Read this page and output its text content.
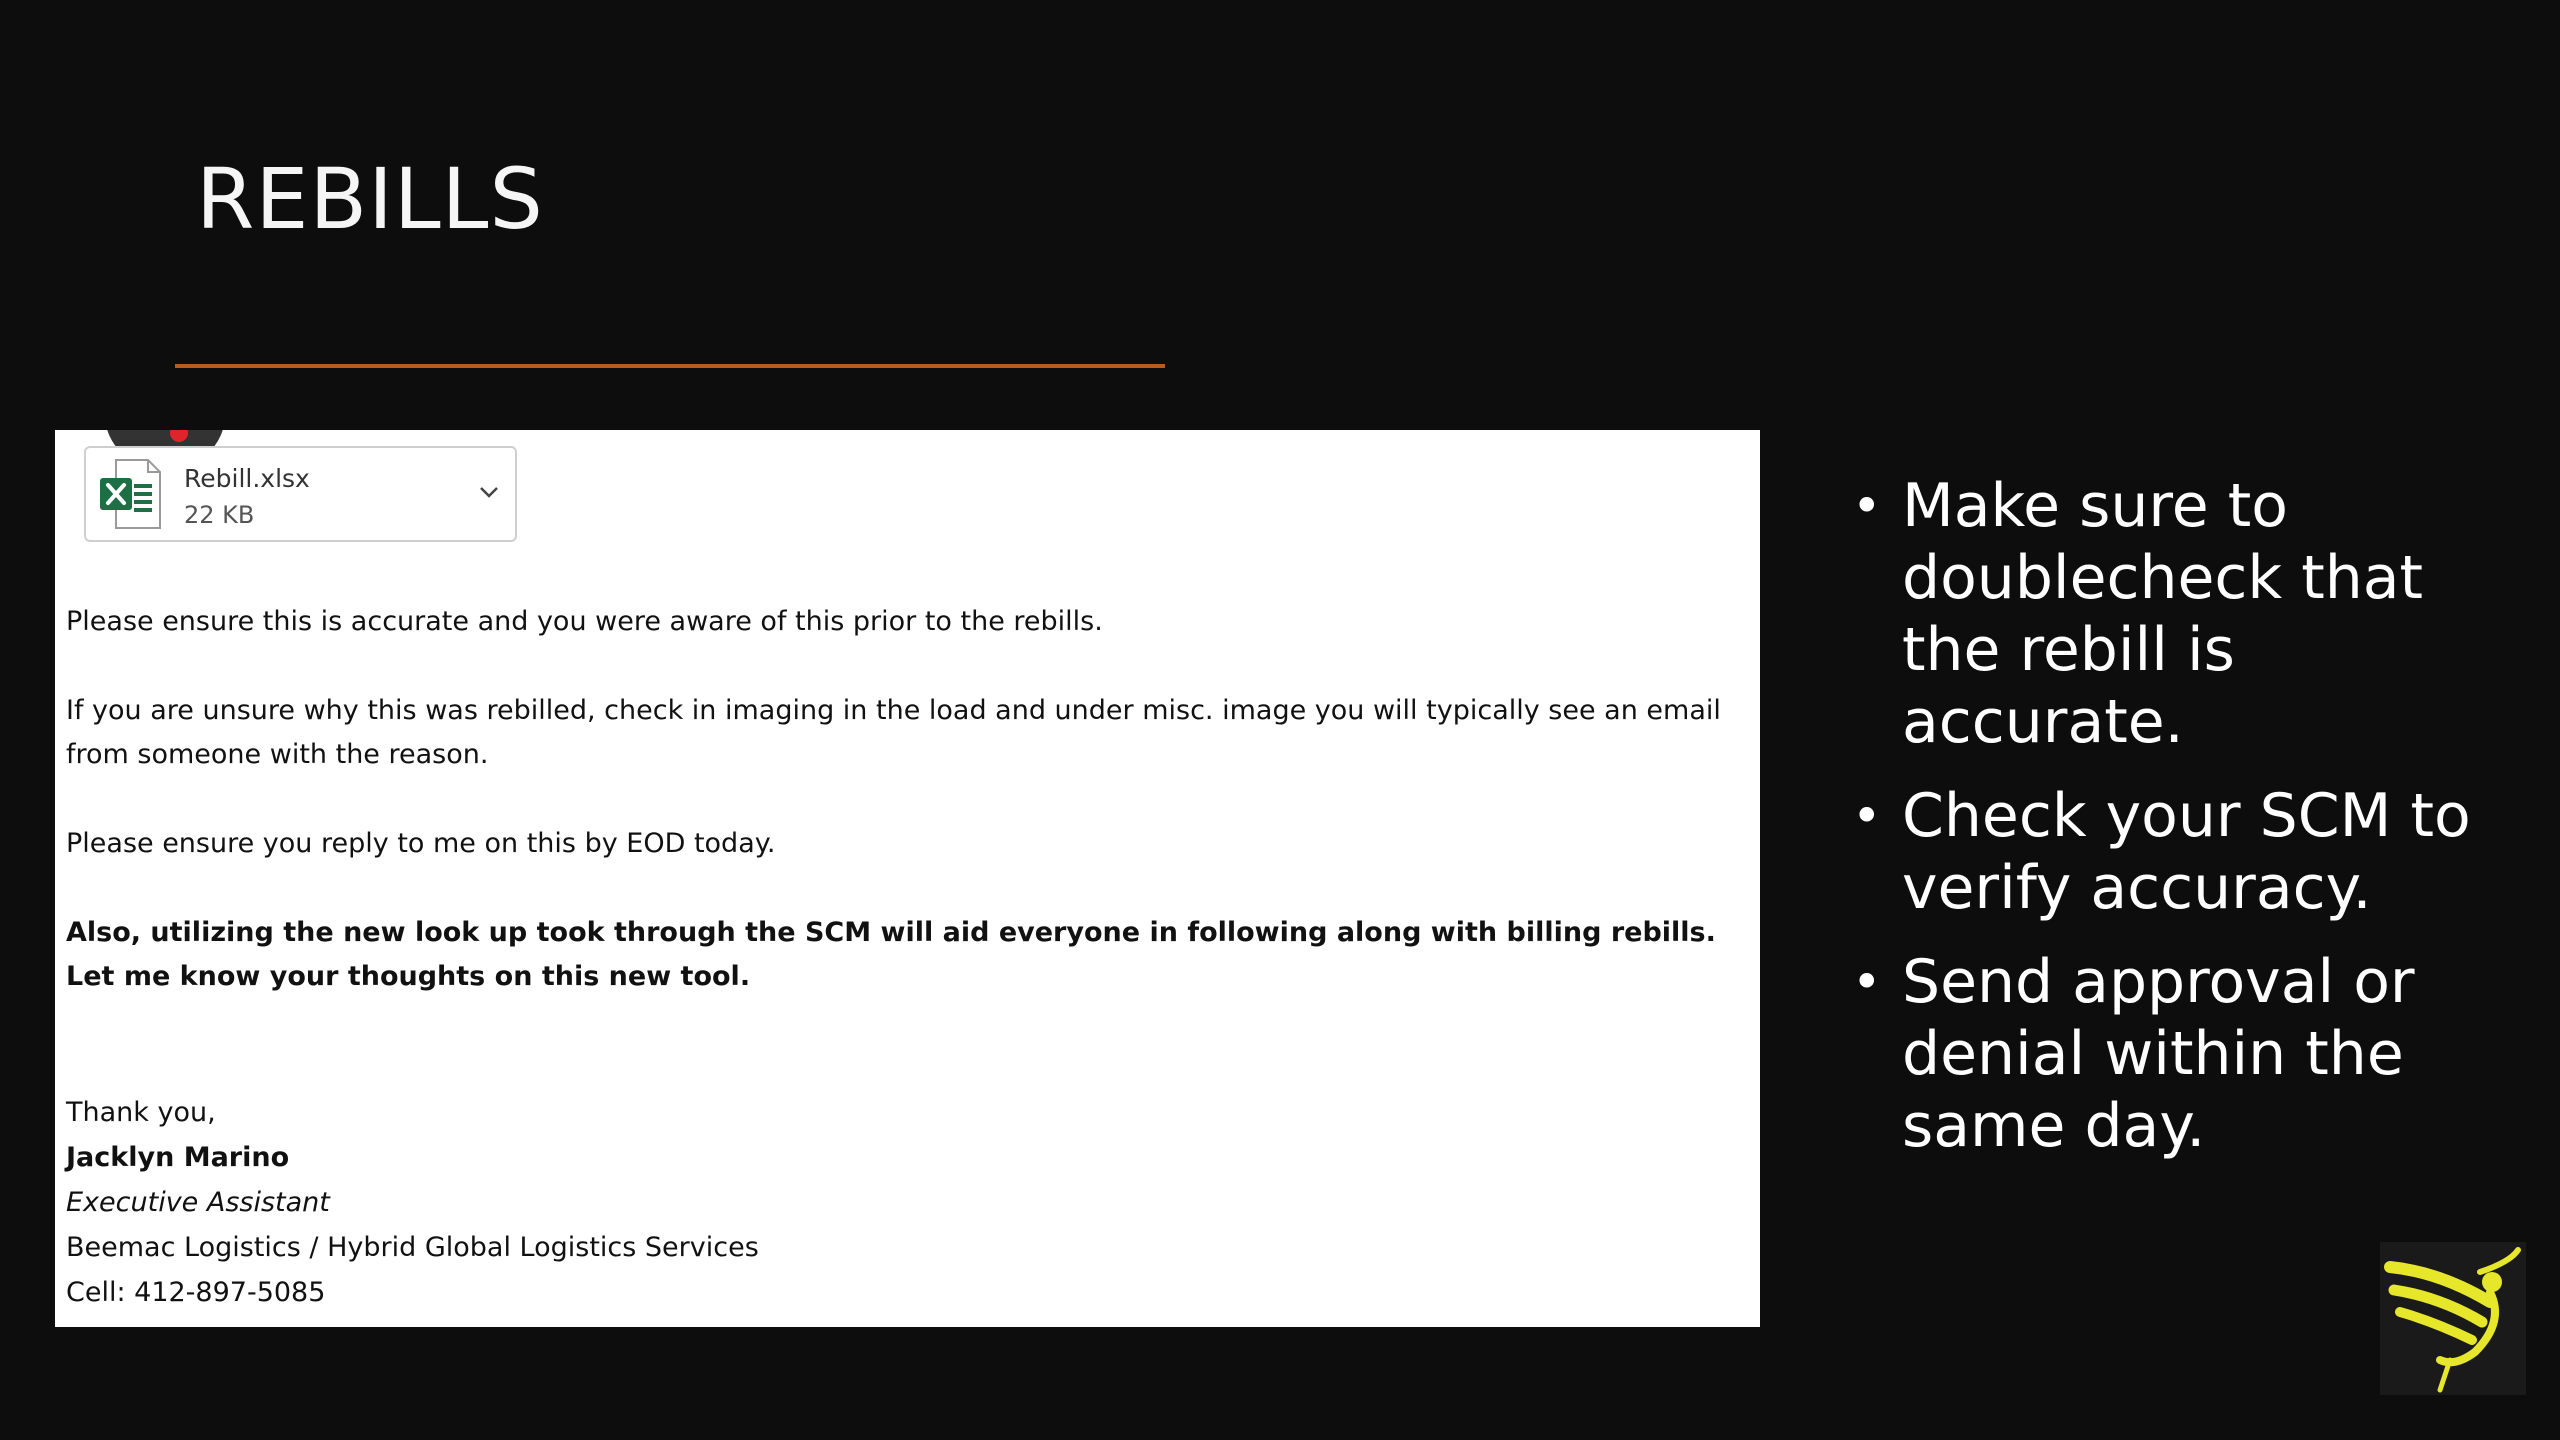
REBILLS
Rebill.xlsx
22 KB

Please ensure this is accurate and you were aware of this prior to the rebills.

If you are unsure why this was rebilled, check in imaging in the load and under misc. image you will typically see an email from someone with the reason.

Please ensure you reply to me on this by EOD today.

Also, utilizing the new look up took through the SCM will aid everyone in following along with billing rebills. Let me know your thoughts on this new tool.

Thank you,
Jacklyn Marino
Executive Assistant
Beemac Logistics / Hybrid Global Logistics Services
Cell: 412-897-5085
• Make sure to doublecheck that the rebill is accurate.
• Check your SCM to verify accuracy.
• Send approval or denial within the same day.
